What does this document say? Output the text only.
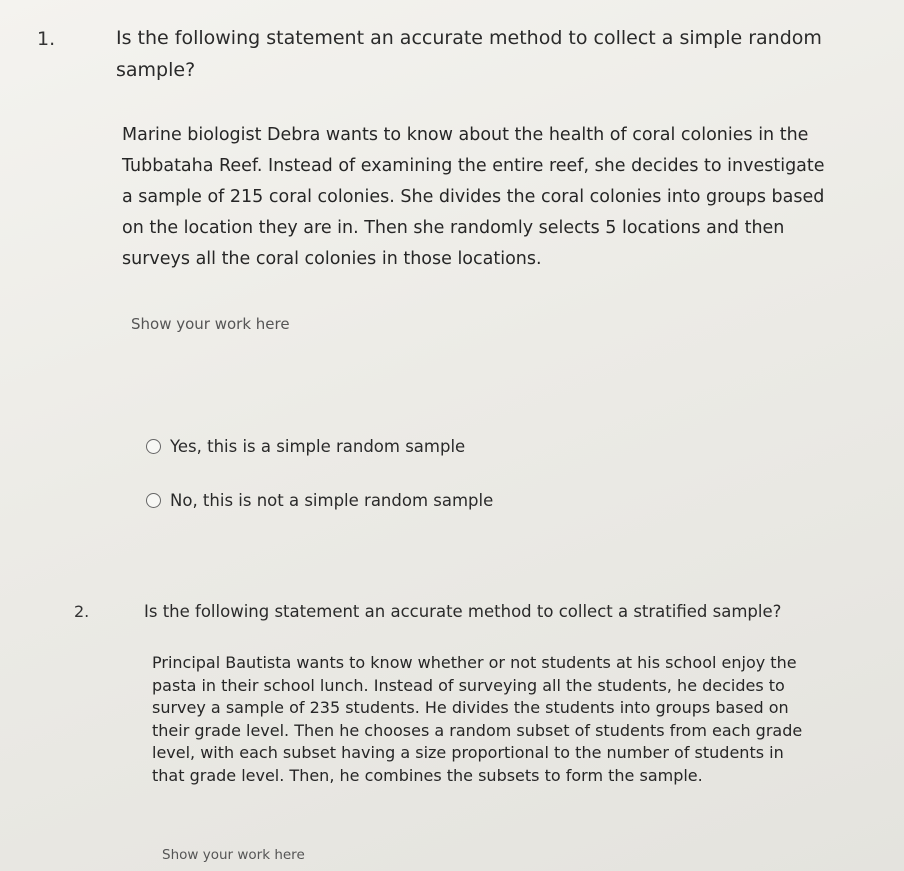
1.	Is the following statement an accurate method to collect a simple random
sample?
Marine biologist Debra wants to know about the health of coral colonies in the
Tubbataha Reef. Instead of examining the entire reef, she decides to investigate
a sample of 215 coral colonies. She divides the coral colonies into groups based
on the location they are in. Then she randomly selects 5 locations and then
surveys all the coral colonies in those locations.
Show your work here
Yes, this is a simple random sample
No, this is not a simple random sample
2.	Is the following statement an accurate method to collect a stratified sample?
Principal Bautista wants to know whether or not students at his school enjoy the
pasta in their school lunch. Instead of surveying all the students, he decides to
survey a sample of 235 students. He divides the students into groups based on
their grade level. Then he chooses a random subset of students from each grade
level, with each subset having a size proportional to the number of students in
that grade level. Then, he combines the subsets to form the sample.
Show your work here
